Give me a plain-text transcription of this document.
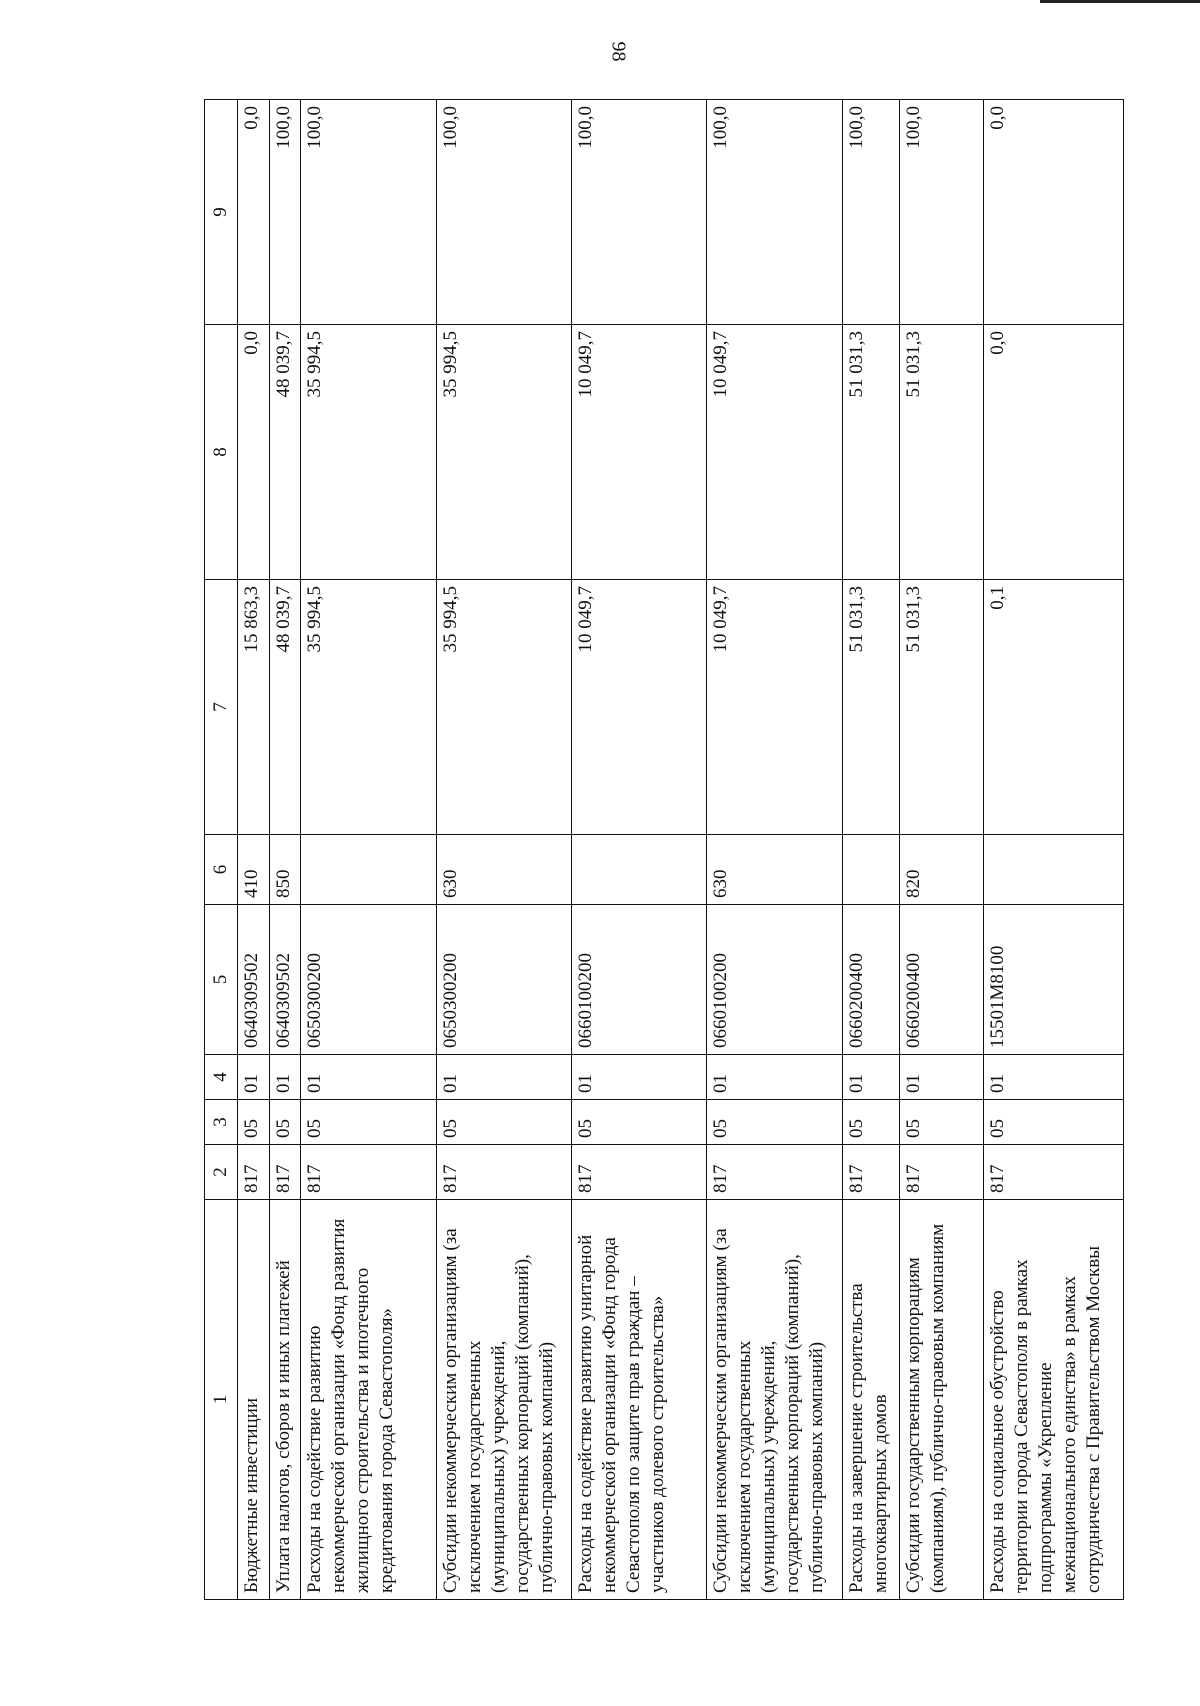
98
1	2	3	4	5	6	7	8	9
Бюджетные инвестиции	817	05	01	0640309502	410	15 863,3	0,0	0,0
Уплата налогов, сборов и иных платежей	817	05	01	0640309502	850	48 039,7	48 039,7	100,0
Расходы на содействие развитию некоммерческой организации «Фонд развития жилищного строительства и ипотечного кредитования города Севастополя»	817	05	01	0650300200		35 994,5	35 994,5	100,0
Субсидии некоммерческим организациям (за исключением государственных (муниципальных) учреждений, государственных корпораций (компаний), публично-правовых компаний)	817	05	01	0650300200	630	35 994,5	35 994,5	100,0
Расходы на содействие развитию унитарной некоммерческой организации «Фонд города Севастополя по защите прав граждан – участников долевого строительства»	817	05	01	0660100200		10 049,7	10 049,7	100,0
Субсидии некоммерческим организациям (за исключением государственных (муниципальных) учреждений, государственных корпораций (компаний), публично-правовых компаний)	817	05	01	0660100200	630	10 049,7	10 049,7	100,0
Расходы на завершение строительства многоквартирных домов	817	05	01	0660200400		51 031,3	51 031,3	100,0
Субсидии государственным корпорациям (компаниям), публично-правовым компаниям	817	05	01	0660200400	820	51 031,3	51 031,3	100,0
Расходы на социальное обустройство территории города Севастополя в рамках подпрограммы «Укрепление межнационального единства» в рамках сотрудничества с Правительством Москвы	817	05	01	15501М8100		0,1	0,0	0,0
